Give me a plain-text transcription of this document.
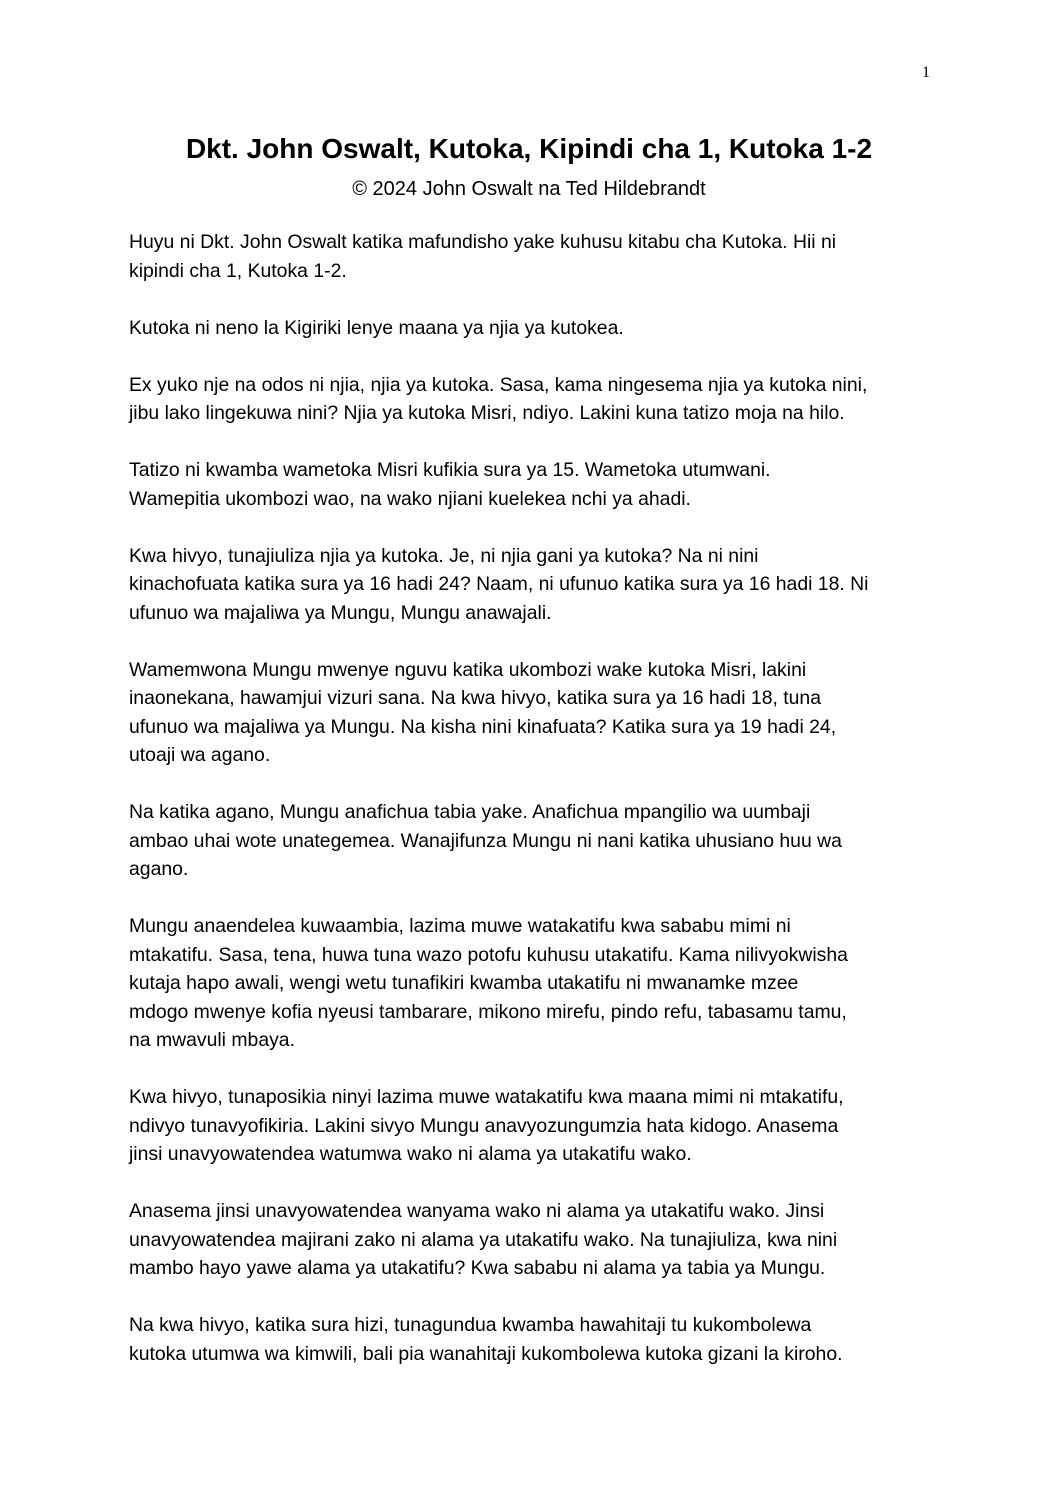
1
Dkt. John Oswalt, Kutoka, Kipindi cha 1, Kutoka 1-2
© 2024 John Oswalt na Ted Hildebrandt

Huyu ni Dkt. John Oswalt katika mafundisho yake kuhusu kitabu cha Kutoka. Hii ni
kipindi cha 1, Kutoka 1-2.

Kutoka ni neno la Kigiriki lenye maana ya njia ya kutokea.

Ex yuko nje na odos ni njia, njia ya kutoka. Sasa, kama ningesema njia ya kutoka nini,
jibu lako lingekuwa nini? Njia ya kutoka Misri, ndiyo. Lakini kuna tatizo moja na hilo.

Tatizo ni kwamba wametoka Misri kufikia sura ya 15. Wametoka utumwani.
Wamepitia ukombozi wao, na wako njiani kuelekea nchi ya ahadi.

Kwa hivyo, tunajiuliza njia ya kutoka. Je, ni njia gani ya kutoka? Na ni nini
kinachofuata katika sura ya 16 hadi 24? Naam, ni ufunuo katika sura ya 16 hadi 18. Ni
ufunuo wa majaliwa ya Mungu, Mungu anawajali.

Wamemwona Mungu mwenye nguvu katika ukombozi wake kutoka Misri, lakini
inaonekana, hawamjui vizuri sana. Na kwa hivyo, katika sura ya 16 hadi 18, tuna
ufunuo wa majaliwa ya Mungu. Na kisha nini kinafuata? Katika sura ya 19 hadi 24,
utoaji wa agano.

Na katika agano, Mungu anafichua tabia yake. Anafichua mpangilio wa uumbaji
ambao uhai wote unategemea. Wanajifunza Mungu ni nani katika uhusiano huu wa
agano.

Mungu anaendelea kuwaambia, lazima muwe watakatifu kwa sababu mimi ni
mtakatifu. Sasa, tena, huwa tuna wazo potofu kuhusu utakatifu. Kama nilivyokwisha
kutaja hapo awali, wengi wetu tunafikiri kwamba utakatifu ni mwanamke mzee
mdogo mwenye kofia nyeusi tambarare, mikono mirefu, pindo refu, tabasamu tamu,
na mwavuli mbaya.

Kwa hivyo, tunaposikia ninyi lazima muwe watakatifu kwa maana mimi ni mtakatifu,
ndivyo tunavyofikiria. Lakini sivyo Mungu anavyozungumzia hata kidogo. Anasema
jinsi unavyowatendea watumwa wako ni alama ya utakatifu wako.

Anasema jinsi unavyowatendea wanyama wako ni alama ya utakatifu wako. Jinsi
unavyowatendea majirani zako ni alama ya utakatifu wako. Na tunajiuliza, kwa nini
mambo hayo yawe alama ya utakatifu? Kwa sababu ni alama ya tabia ya Mungu.

Na kwa hivyo, katika sura hizi, tunagundua kwamba hawahitaji tu kukombolewa
kutoka utumwa wa kimwili, bali pia wanahitaji kukombolewa kutoka gizani la kiroho.
